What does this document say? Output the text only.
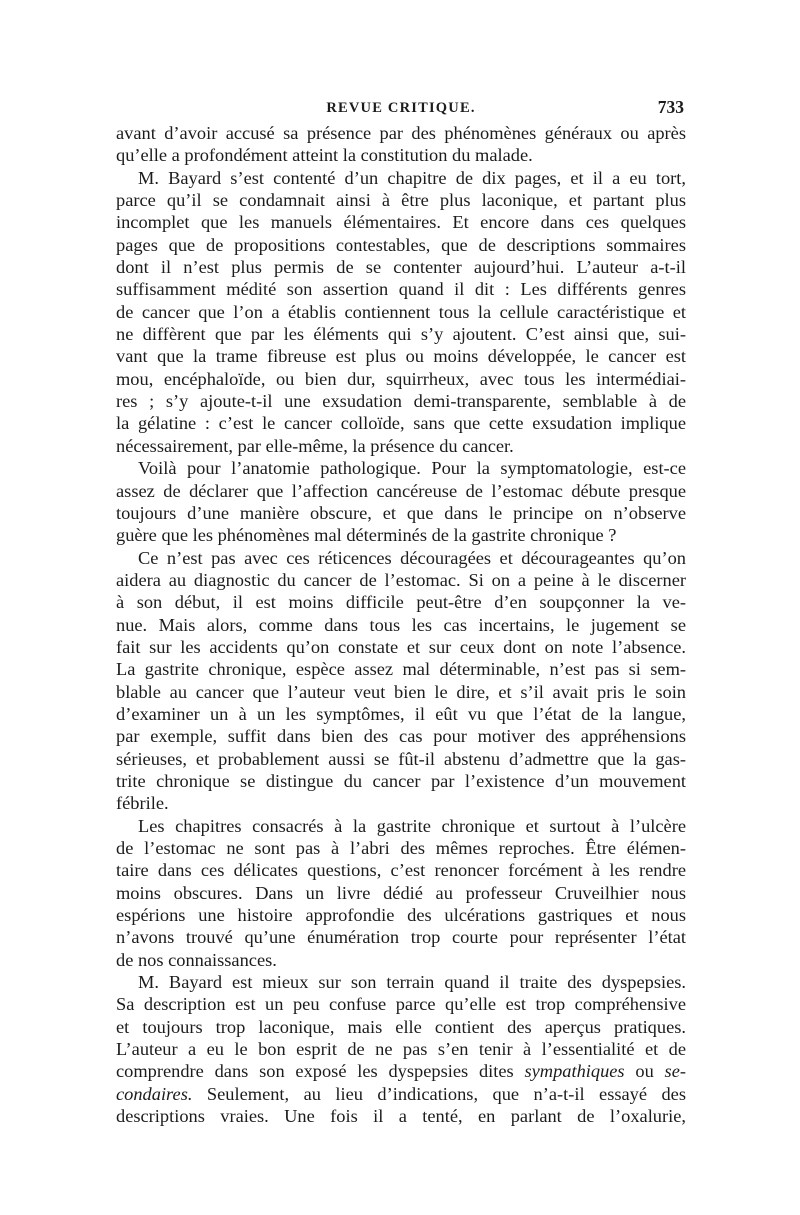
REVUE CRITIQUE.	733
avant d’avoir accusé sa présence par des phénomènes généraux ou après
qu’elle a profondément atteint la constitution du malade.
M. Bayard s’est contenté d’un chapitre de dix pages, et il a eu tort,
parce qu’il se condamnait ainsi à être plus laconique, et partant plus
incomplet que les manuels élémentaires. Et encore dans ces quelques
pages que de propositions contestables, que de descriptions sommaires
dont il n’est plus permis de se contenter aujourd’hui. L’auteur a-t-il
suffisamment médité son assertion quand il dit : Les différents genres
de cancer que l’on a établis contiennent tous la cellule caractéristique et
ne diffèrent que par les éléments qui s’y ajoutent. C’est ainsi que, sui-
vant que la trame fibreuse est plus ou moins développée, le cancer est
mou, encéphaloïde, ou bien dur, squirrheux, avec tous les intermédiai-
res ; s’y ajoute-t-il une exsudation demi-transparente, semblable à de
la gélatine : c’est le cancer colloïde, sans que cette exsudation implique
nécessairement, par elle-même, la présence du cancer.
Voilà pour l’anatomie pathologique. Pour la symptomatologie, est-ce
assez de déclarer que l’affection cancéreuse de l’estomac débute presque
toujours d’une manière obscure, et que dans le principe on n’observe
guère que les phénomènes mal déterminés de la gastrite chronique ?
Ce n’est pas avec ces réticences découragées et décourageantes qu’on
aidera au diagnostic du cancer de l’estomac. Si on a peine à le discerner
à son début, il est moins difficile peut-être d’en soupçonner la ve-
nue. Mais alors, comme dans tous les cas incertains, le jugement se
fait sur les accidents qu’on constate et sur ceux dont on note l’absence.
La gastrite chronique, espèce assez mal déterminable, n’est pas si sem-
blable au cancer que l’auteur veut bien le dire, et s’il avait pris le soin
d’examiner un à un les symptômes, il eût vu que l’état de la langue,
par exemple, suffit dans bien des cas pour motiver des appréhensions
sérieuses, et probablement aussi se fût-il abstenu d’admettre que la gas-
trite chronique se distingue du cancer par l’existence d’un mouvement
fébrile.
Les chapitres consacrés à la gastrite chronique et surtout à l’ulcère
de l’estomac ne sont pas à l’abri des mêmes reproches. Être élémen-
taire dans ces délicates questions, c’est renoncer forcément à les rendre
moins obscures. Dans un livre dédié au professeur Cruveilhier nous
espérions une histoire approfondie des ulcérations gastriques et nous
n’avons trouvé qu’une énumération trop courte pour représenter l’état
de nos connaissances.
M. Bayard est mieux sur son terrain quand il traite des dyspepsies.
Sa description est un peu confuse parce qu’elle est trop compréhensive
et toujours trop laconique, mais elle contient des aperçus pratiques.
L’auteur a eu le bon esprit de ne pas s’en tenir à l’essentialité et de
comprendre dans son exposé les dyspepsies dites sympathiques ou se-
condaires. Seulement, au lieu d’indications, que n’a-t-il essayé des
descriptions vraies. Une fois il a tenté, en parlant de l’oxalurie,
